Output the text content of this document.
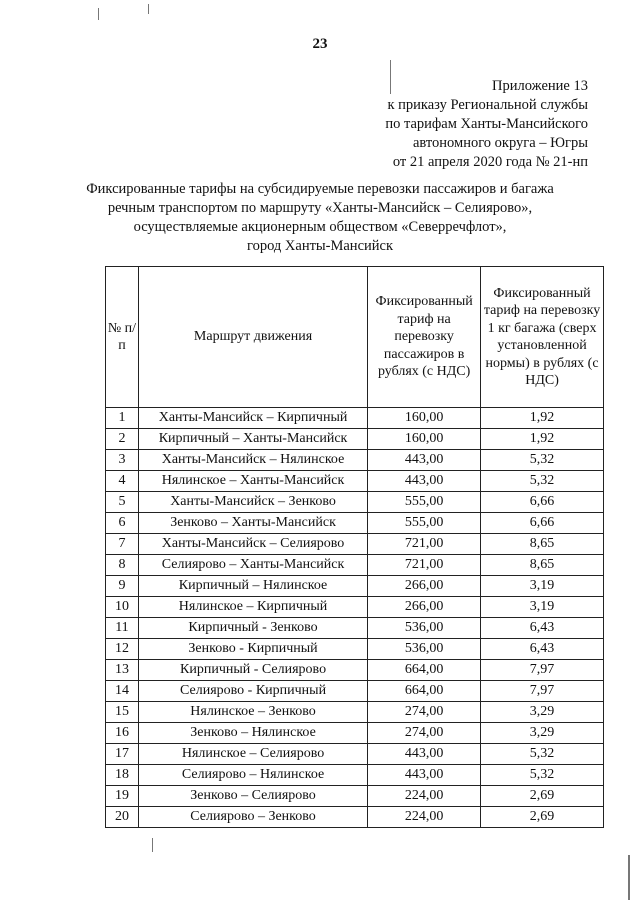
23
Приложение 13
к приказу Региональной службы
по тарифам Ханты-Мансийского
автономного округа – Югры
от 21 апреля 2020 года № 21-нп
Фиксированные тарифы на субсидируемые перевозки пассажиров и багажа
речным транспортом по маршруту «Ханты-Мансийск – Селиярово»,
осуществляемые акционерным обществом «Северречфлот»,
город Ханты-Мансийск
№ п/п	Маршрут движения	Фиксированный тариф на перевозку пассажиров в рублях (с НДС)	Фиксированный тариф на перевозку 1 кг багажа (сверх установленной нормы) в рублях (с НДС)
1	Ханты-Мансийск – Кирпичный	160,00	1,92
2	Кирпичный – Ханты-Мансийск	160,00	1,92
3	Ханты-Мансийск – Нялинское	443,00	5,32
4	Нялинское – Ханты-Мансийск	443,00	5,32
5	Ханты-Мансийск – Зенково	555,00	6,66
6	Зенково – Ханты-Мансийск	555,00	6,66
7	Ханты-Мансийск – Селиярово	721,00	8,65
8	Селиярово – Ханты-Мансийск	721,00	8,65
9	Кирпичный – Нялинское	266,00	3,19
10	Нялинское – Кирпичный	266,00	3,19
11	Кирпичный - Зенково	536,00	6,43
12	Зенково - Кирпичный	536,00	6,43
13	Кирпичный - Селиярово	664,00	7,97
14	Селиярово - Кирпичный	664,00	7,97
15	Нялинское – Зенково	274,00	3,29
16	Зенково – Нялинское	274,00	3,29
17	Нялинское – Селиярово	443,00	5,32
18	Селиярово – Нялинское	443,00	5,32
19	Зенково – Селиярово	224,00	2,69
20	Селиярово – Зенково	224,00	2,69
